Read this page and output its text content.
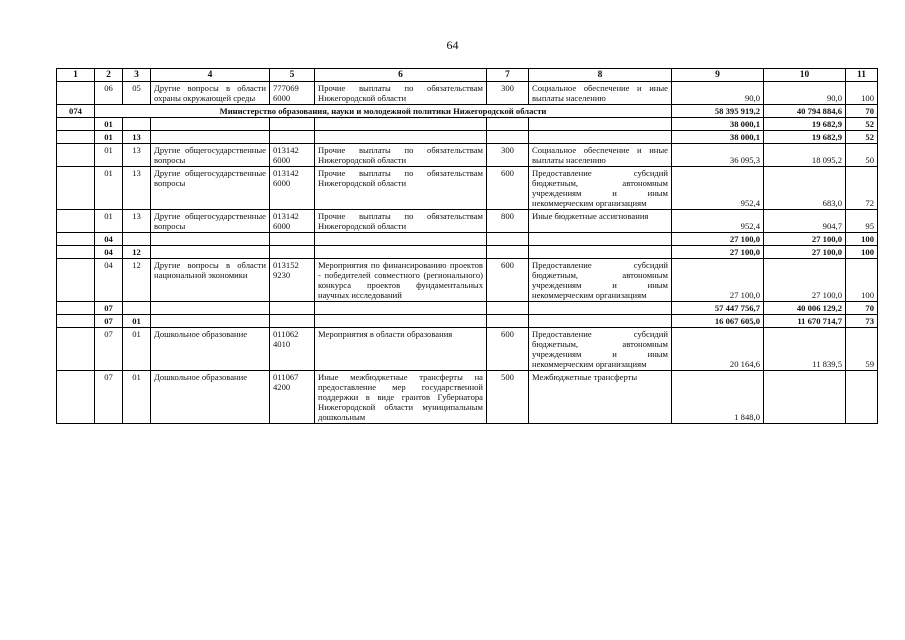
64
1	2	3	4	5	6	7	8	9	10	11
	06	05	Другие вопросы в области охраны окружающей среды	777069 6000	Прочие выплаты по обязательствам Нижегородской области	300	Социальное обеспечение и иные выплаты населению	90,0	90,0	100
074	Министерство образования, науки и молодежной политики Нижегородской области							58 395 919,2	40 794 884,6	70
	01							38 000,1	19 682,9	52
	01	13						38 000,1	19 682,9	52
	01	13	Другие общегосударственные вопросы	013142 6000	Прочие выплаты по обязательствам Нижегородской области	300	Социальное обеспечение и иные выплаты населению	36 095,3	18 095,2	50
	01	13	Другие общегосударственные вопросы	013142 6000	Прочие выплаты по обязательствам Нижегородской области	600	Предоставление субсидий бюджетным, автономным учреждениям и иным некоммерческим организациям	952,4	683,0	72
	01	13	Другие общегосударственные вопросы	013142 6000	Прочие выплаты по обязательствам Нижегородской области	800	Иные бюджетные ассигнования	952,4	904,7	95
	04							27 100,0	27 100,0	100
	04	12						27 100,0	27 100,0	100
	04	12	Другие вопросы в области национальной экономики	013152 9230	Мероприятия по финансированию проектов - победителей совместного (регионального) конкурса проектов фундаментальных научных исследований	600	Предоставление субсидий бюджетным, автономным учреждениям и иным некоммерческим организациям	27 100,0	27 100,0	100
	07							57 447 756,7	40 006 129,2	70
	07	01						16 067 605,0	11 670 714,7	73
	07	01	Дошкольное образование	011062 4010	Мероприятия в области образования	600	Предоставление субсидий бюджетным, автономным учреждениям и иным некоммерческим организациям	20 164,6	11 839,5	59
	07	01	Дошкольное образование	011067 4200	Иные межбюджетные трансферты на предоставление мер государственной поддержки в виде грантов Губернатора Нижегородской области муниципальным дошкольным	500	Межбюджетные трансферты	1 848,0		
